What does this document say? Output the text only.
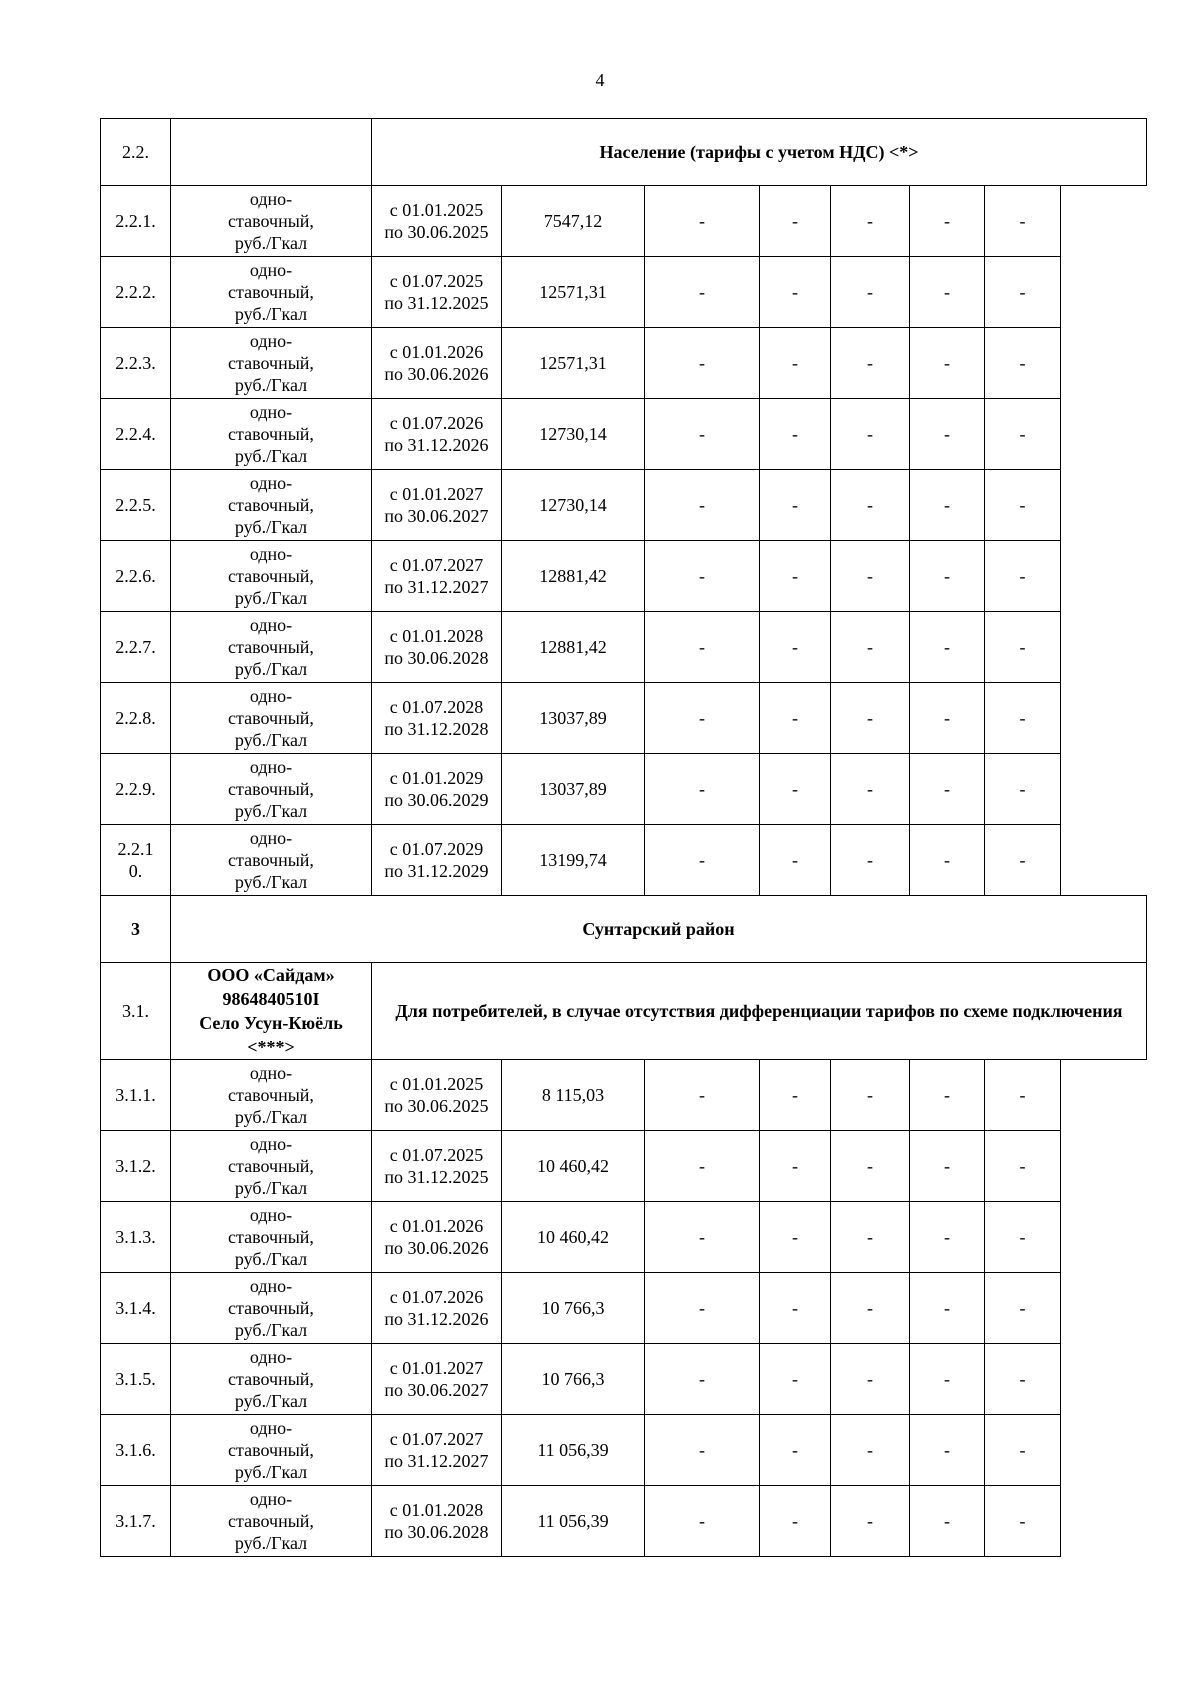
4
2.2.		Население (тарифы с учетом НДС) <*>						
2.2.1.	одно-
ставочный,
руб./Гкал	с 01.01.2025
по 30.06.2025	7547,12	-	-	-	-	-
2.2.2.	одно-
ставочный,
руб./Гкал	с 01.07.2025
по 31.12.2025	12571,31	-	-	-	-	-
2.2.3.	одно-
ставочный,
руб./Гкал	с 01.01.2026
по 30.06.2026	12571,31	-	-	-	-	-
2.2.4.	одно-
ставочный,
руб./Гкал	с 01.07.2026
по 31.12.2026	12730,14	-	-	-	-	-
2.2.5.	одно-
ставочный,
руб./Гкал	с 01.01.2027
по 30.06.2027	12730,14	-	-	-	-	-
2.2.6.	одно-
ставочный,
руб./Гкал	с 01.07.2027
по 31.12.2027	12881,42	-	-	-	-	-
2.2.7.	одно-
ставочный,
руб./Гкал	с 01.01.2028
по 30.06.2028	12881,42	-	-	-	-	-
2.2.8.	одно-
ставочный,
руб./Гкал	с 01.07.2028
по 31.12.2028	13037,89	-	-	-	-	-
2.2.9.	одно-
ставочный,
руб./Гкал	с 01.01.2029
по 30.06.2029	13037,89	-	-	-	-	-
2.2.1
0.	одно-
ставочный,
руб./Гкал	с 01.07.2029
по 31.12.2029	13199,74	-	-	-	-	-
3	Сунтарский район							
3.1.	ООО «Сайдам»
9864840510I
Село Усун-Кюёль
<***>	Для потребителей, в случае отсутствия дифференциации тарифов по схеме подключения						
3.1.1.	одно-
ставочный,
руб./Гкал	с 01.01.2025
по 30.06.2025	8 115,03	-	-	-	-	-
3.1.2.	одно-
ставочный,
руб./Гкал	с 01.07.2025
по 31.12.2025	10 460,42	-	-	-	-	-
3.1.3.	одно-
ставочный,
руб./Гкал	с 01.01.2026
по 30.06.2026	10 460,42	-	-	-	-	-
3.1.4.	одно-
ставочный,
руб./Гкал	с 01.07.2026
по 31.12.2026	10 766,3	-	-	-	-	-
3.1.5.	одно-
ставочный,
руб./Гкал	с 01.01.2027
по 30.06.2027	10 766,3	-	-	-	-	-
3.1.6.	одно-
ставочный,
руб./Гкал	с 01.07.2027
по 31.12.2027	11 056,39	-	-	-	-	-
3.1.7.	одно-
ставочный,
руб./Гкал	с 01.01.2028
по 30.06.2028	11 056,39	-	-	-	-	-
